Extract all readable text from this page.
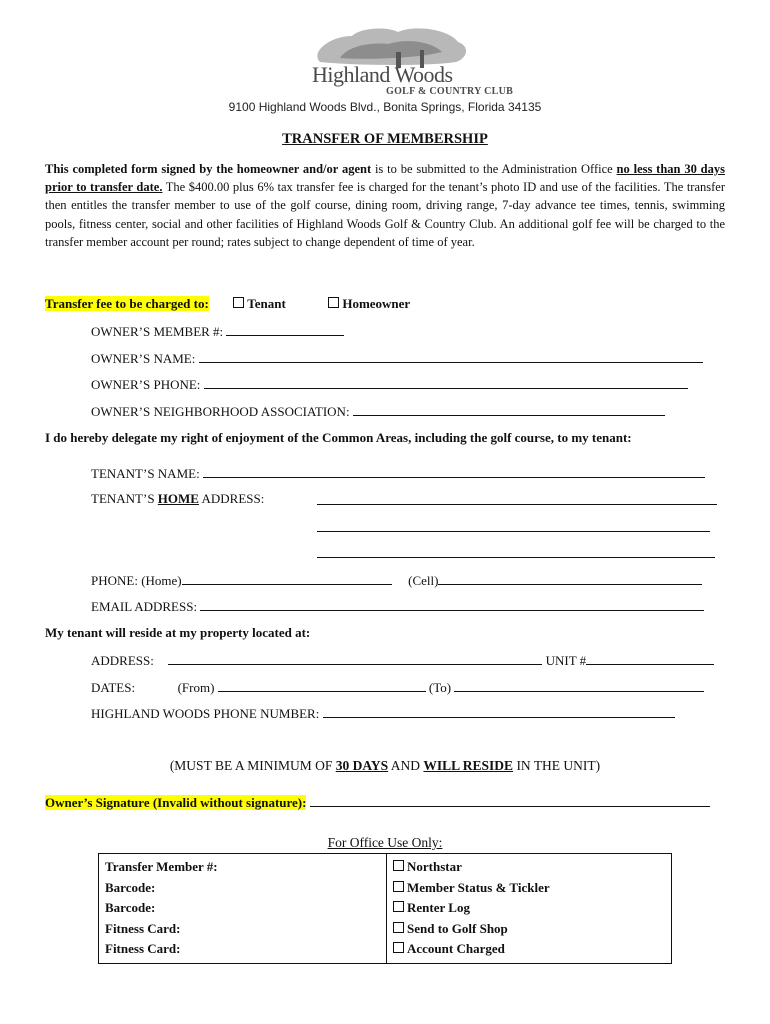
Highland Woods
GOLF & COUNTRY CLUB
9100 Highland Woods Blvd., Bonita Springs, Florida 34135
TRANSFER OF MEMBERSHIP
This completed form signed by the homeowner and/or agent is to be submitted to the Administration Office no less than 30 days prior to transfer date. The $400.00 plus 6% tax transfer fee is charged for the tenant’s photo ID and use of the facilities. The transfer then entitles the transfer member to use of the golf course, dining room, driving range, 7-day advance tee times, tennis, swimming pools, fitness center, social and other facilities of Highland Woods Golf & Country Club. An additional golf fee will be charged to the transfer member account per round; rates subject to change dependent of time of year.
Transfer fee to be charged to:	Tenant	Homeowner
OWNER’S MEMBER #:
OWNER’S NAME:
OWNER’S PHONE:
OWNER’S NEIGHBORHOOD ASSOCIATION:
I do hereby delegate my right of enjoyment of the Common Areas, including the golf course, to my tenant:
TENANT’S NAME:
TENANT’S HOME ADDRESS:
PHONE: (Home)	(Cell)
EMAIL ADDRESS:
My tenant will reside at my property located at:
ADDRESS:	UNIT #
DATES:	(From)	(To)
HIGHLAND WOODS PHONE NUMBER:
(MUST BE A MINIMUM OF 30 DAYS AND WILL RESIDE IN THE UNIT)
Owner’s Signature (Invalid without signature):
For Office Use Only:
Transfer Member #:
Barcode:
Barcode:
Fitness Card:
Fitness Card:

Northstar
Member Status & Tickler
Renter Log
Send to Golf Shop
Account Charged
